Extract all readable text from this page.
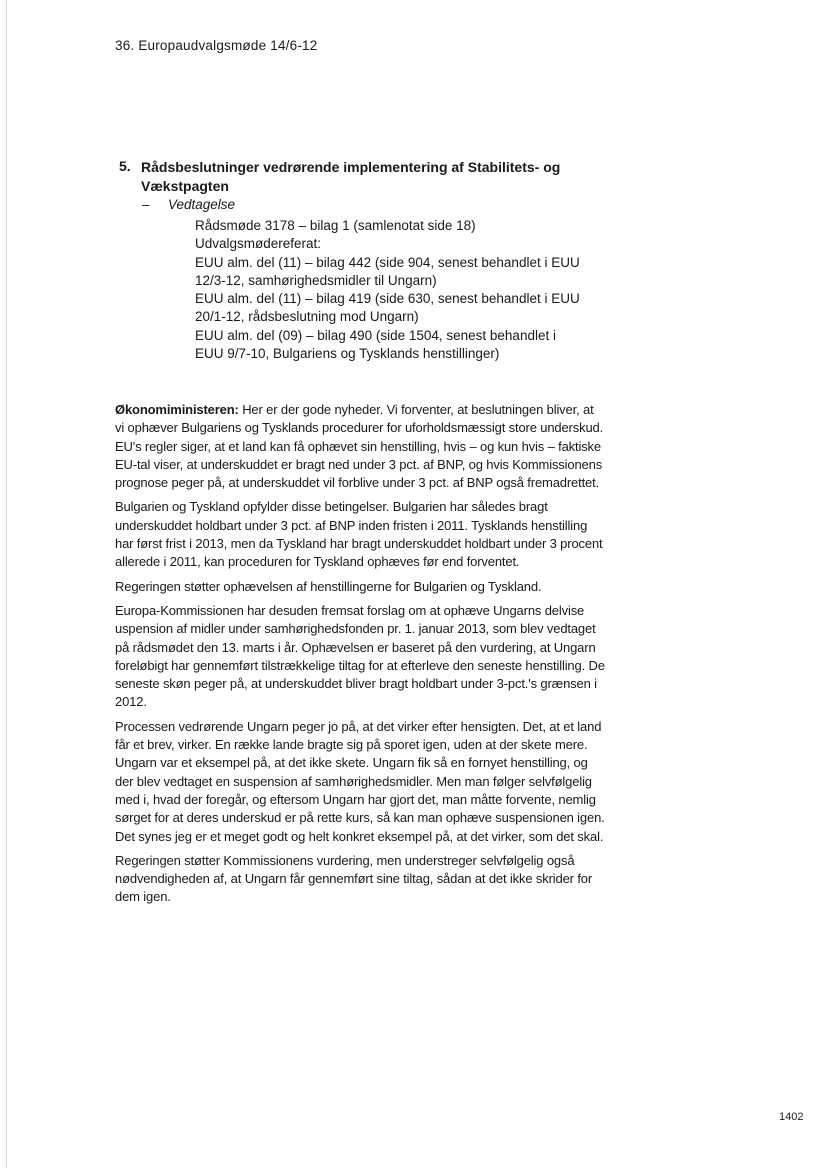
36. Europaudvalgsmøde 14/6-12
5. Rådsbeslutninger vedrørende implementering af Stabilitets- og Vækstpagten
– Vedtagelse
Rådsmøde 3178 – bilag 1 (samlenotat side 18)
Udvalgsmødereferat:
EUU alm. del (11) – bilag 442 (side 904, senest behandlet i EUU
12/3-12, samhørighedsmidler til Ungarn)
EUU alm. del (11) – bilag 419 (side 630, senest behandlet i EUU
20/1-12, rådsbeslutning mod Ungarn)
EUU alm. del (09) – bilag 490 (side 1504, senest behandlet i
EUU 9/7-10, Bulgariens og Tysklands henstillinger)

Økonomiministeren: Her er der gode nyheder. Vi forventer, at beslutningen bliver, at vi ophæver Bulgariens og Tysklands procedurer for uforholdsmæssigt store underskud. EU's regler siger, at et land kan få ophævet sin henstilling, hvis – og kun hvis – faktiske EU-tal viser, at underskuddet er bragt ned under 3 pct. af BNP, og hvis Kommissionens prognose peger på, at underskuddet vil forblive under 3 pct. af BNP også fremadrettet.

Bulgarien og Tyskland opfylder disse betingelser. Bulgarien har således bragt underskuddet holdbart under 3 pct. af BNP inden fristen i 2011. Tysklands henstilling har først frist i 2013, men da Tyskland har bragt underskuddet holdbart under 3 procent allerede i 2011, kan proceduren for Tyskland ophæves før end forventet.

Regeringen støtter ophævelsen af henstillingerne for Bulgarien og Tyskland.

Europa-Kommissionen har desuden fremsat forslag om at ophæve Ungarns delvise uspension af midler under samhørighedsfonden pr. 1. januar 2013, som blev vedtaget på rådsmødet den 13. marts i år. Ophævelsen er baseret på den vurdering, at Ungarn foreløbigt har gennemført tilstrækkelige tiltag for at efterleve den seneste henstilling. De seneste skøn peger på, at underskuddet bliver bragt holdbart under 3-pct.'s grænsen i 2012.

Processen vedrørende Ungarn peger jo på, at det virker efter hensigten. Det, at et land får et brev, virker. En række lande bragte sig på sporet igen, uden at der skete mere. Ungarn var et eksempel på, at det ikke skete. Ungarn fik så en fornyet henstilling, og der blev vedtaget en suspension af samhørighedsmidler. Men man følger selvfølgelig med i, hvad der foregår, og eftersom Ungarn har gjort det, man måtte forvente, nemlig sørget for at deres underskud er på rette kurs, så kan man ophæve suspensionen igen. Det synes jeg er et meget godt og helt konkret eksempel på, at det virker, som det skal.

Regeringen støtter Kommissionens vurdering, men understreger selvfølgelig også nødvendigheden af, at Ungarn får gennemført sine tiltag, sådan at det ikke skrider for dem igen.

1402
